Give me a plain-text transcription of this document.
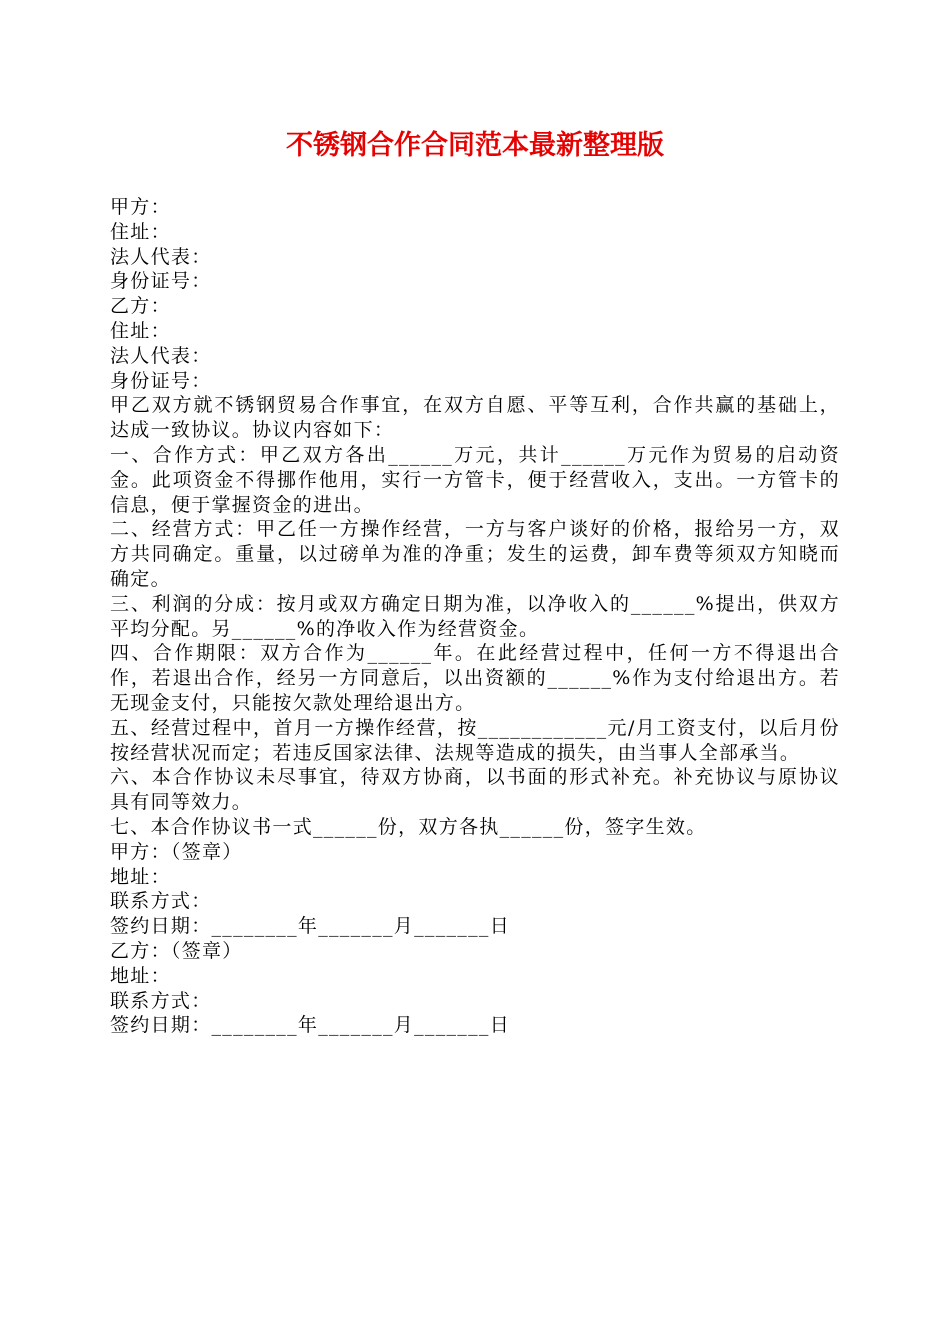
不锈钢合作合同范本最新整理版
甲方：
住址：
法人代表：
身份证号：
乙方：
住址：
法人代表：
身份证号：
甲乙双方就不锈钢贸易合作事宜，在双方自愿、平等互利，合作共赢的基础上，达成一致协议。协议内容如下：
一、合作方式：甲乙双方各出______万元，共计______万元作为贸易的启动资金。此项资金不得挪作他用，实行一方管卡，便于经营收入，支出。一方管卡的信息，便于掌握资金的进出。
二、经营方式：甲乙任一方操作经营，一方与客户谈好的价格，报给另一方，双方共同确定。重量，以过磅单为准的净重；发生的运费，卸车费等须双方知晓而确定。
三、利润的分成：按月或双方确定日期为准，以净收入的______%提出，供双方平均分配。另______%的净收入作为经营资金。
四、合作期限：双方合作为______年。在此经营过程中，任何一方不得退出合作，若退出合作，经另一方同意后，以出资额的______%作为支付给退出方。若无现金支付，只能按欠款处理给退出方。
五、经营过程中，首月一方操作经营，按____________元/月工资支付，以后月份按经营状况而定；若违反国家法律、法规等造成的损失，由当事人全部承当。
六、本合作协议未尽事宜，待双方协商，以书面的形式补充。补充协议与原协议具有同等效力。
七、本合作协议书一式______份，双方各执______份，签字生效。
甲方：（签章）
地址：
联系方式：
签约日期：________年_______月_______日
乙方：（签章）
地址：
联系方式：
签约日期：________年_______月_______日
